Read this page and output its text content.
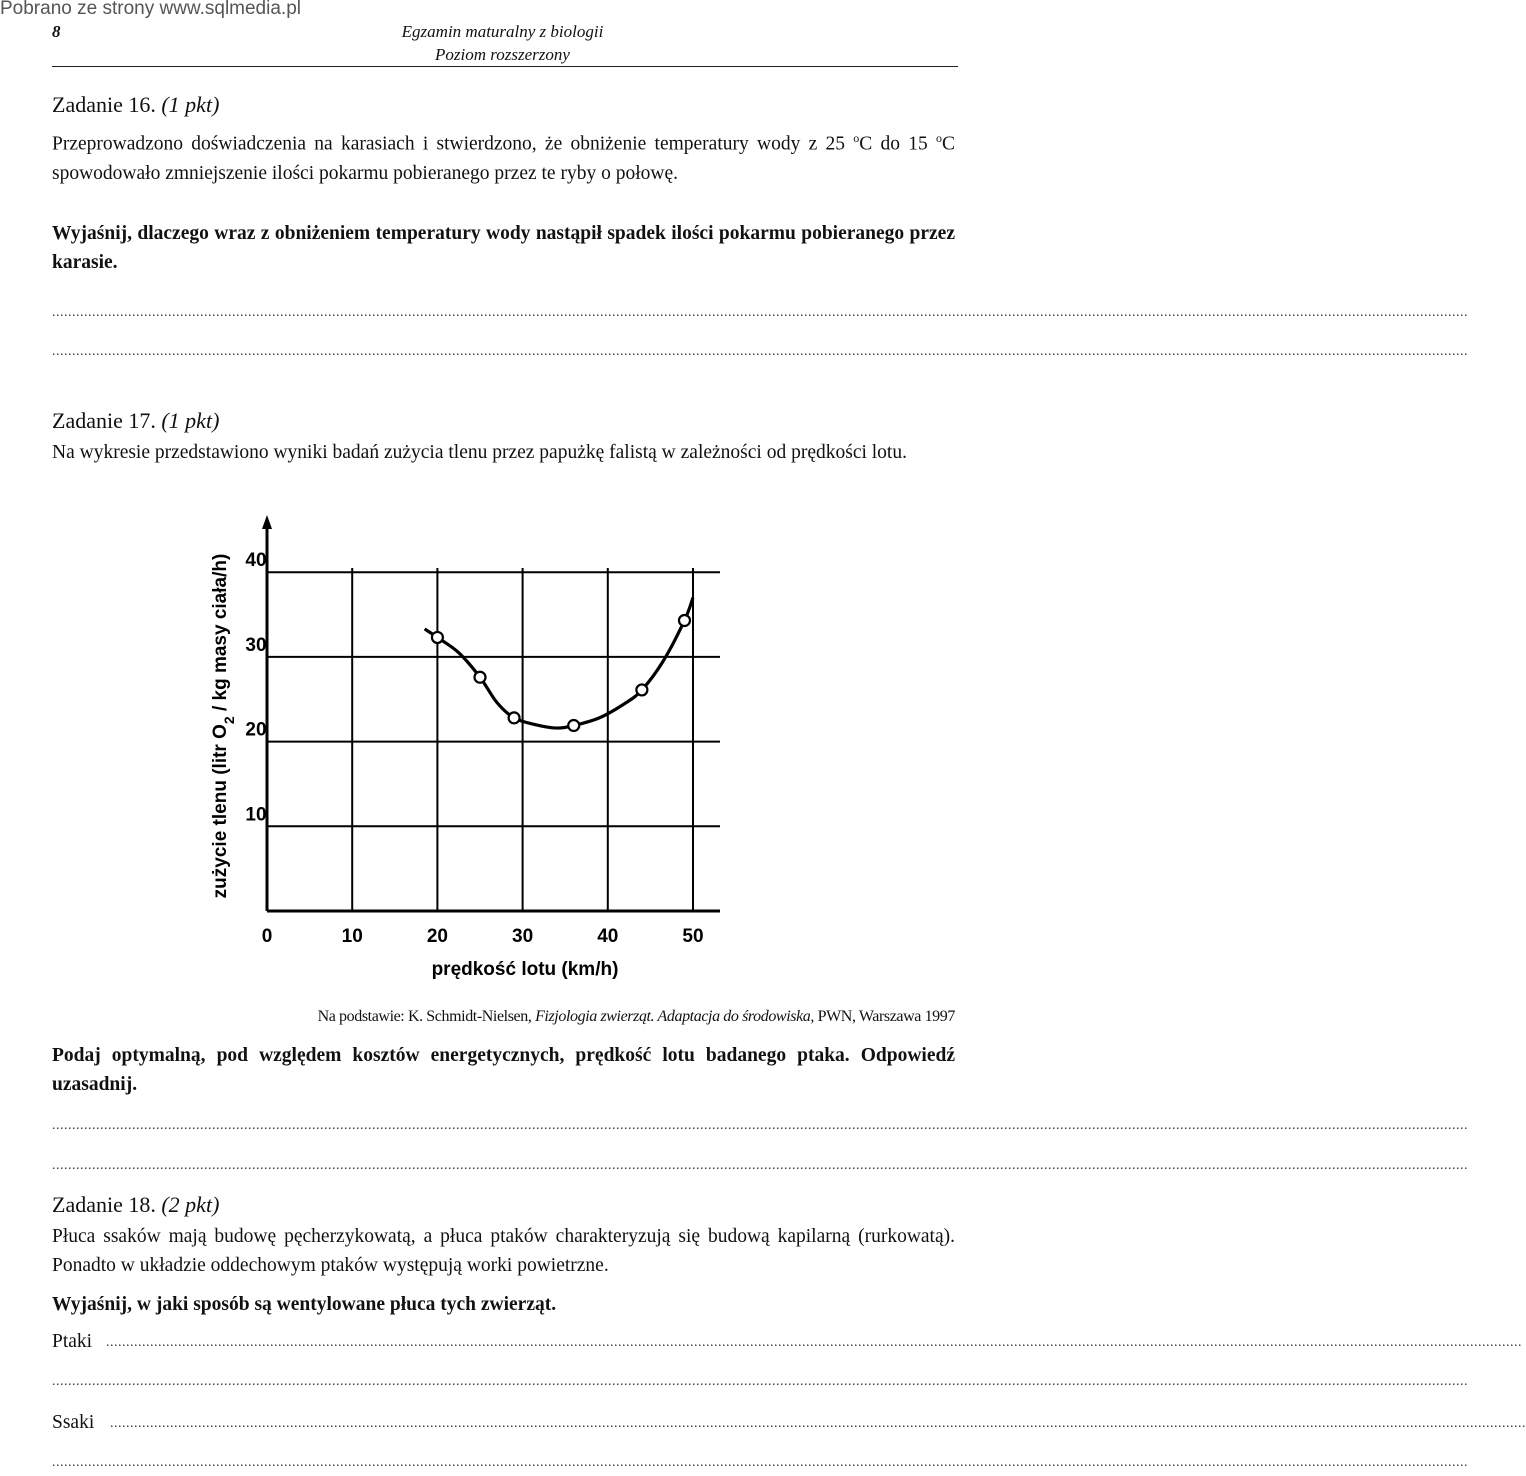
Pobrano ze strony www.sqlmedia.pl
8	Egzamin maturalny z biologii
Poziom rozszerzony
Zadanie 16. (1 pkt)
Przeprowadzono doświadczenia na karasiach i stwierdzono, że obniżenie temperatury wody z 25 $^o$C do 15 $^o$C spowodowało zmniejszenie ilości pokarmu pobieranego przez te ryby o połowę.
Wyjaśnij, dlaczego wraz z obniżeniem temperatury wody nastąpił spadek ilości pokarmu pobieranego przez karasie.
..................................................................................................................................................................................................................................................................................................................................................................
..................................................................................................................................................................................................................................................................................................................................................................
Zadanie 17. (1 pkt)
Na wykresie przedstawiono wyniki badań zużycia tlenu przez papużkę falistą w zależności od prędkości lotu.
0	10	20	30	40	50
10
20
30
40
prędkość lotu (km/h)
zużycie tlenu (litr $O_2$ / kg masy ciała/h)
Na podstawie: K. Schmidt-Nielsen, Fizjologia zwierząt. Adaptacja do środowiska, PWN, Warszawa 1997
Podaj optymalną, pod względem kosztów energetycznych, prędkość lotu badanego ptaka. Odpowiedź uzasadnij.
..................................................................................................................................................................................................................................................................................................................................................................
..................................................................................................................................................................................................................................................................................................................................................................
Zadanie 18. (2 pkt)
Płuca ssaków mają budowę pęcherzykowatą, a płuca ptaków charakteryzują się budową kapilarną (rurkowatą). Ponadto w układzie oddechowym ptaków występują worki powietrzne.
Wyjaśnij, w jaki sposób są wentylowane płuca tych zwierząt.
Ptaki ..................................................................................................................................................................................................................................................................................................................................................................
..................................................................................................................................................................................................................................................................................................................................................................
Ssaki ..................................................................................................................................................................................................................................................................................................................................................................
..................................................................................................................................................................................................................................................................................................................................................................
